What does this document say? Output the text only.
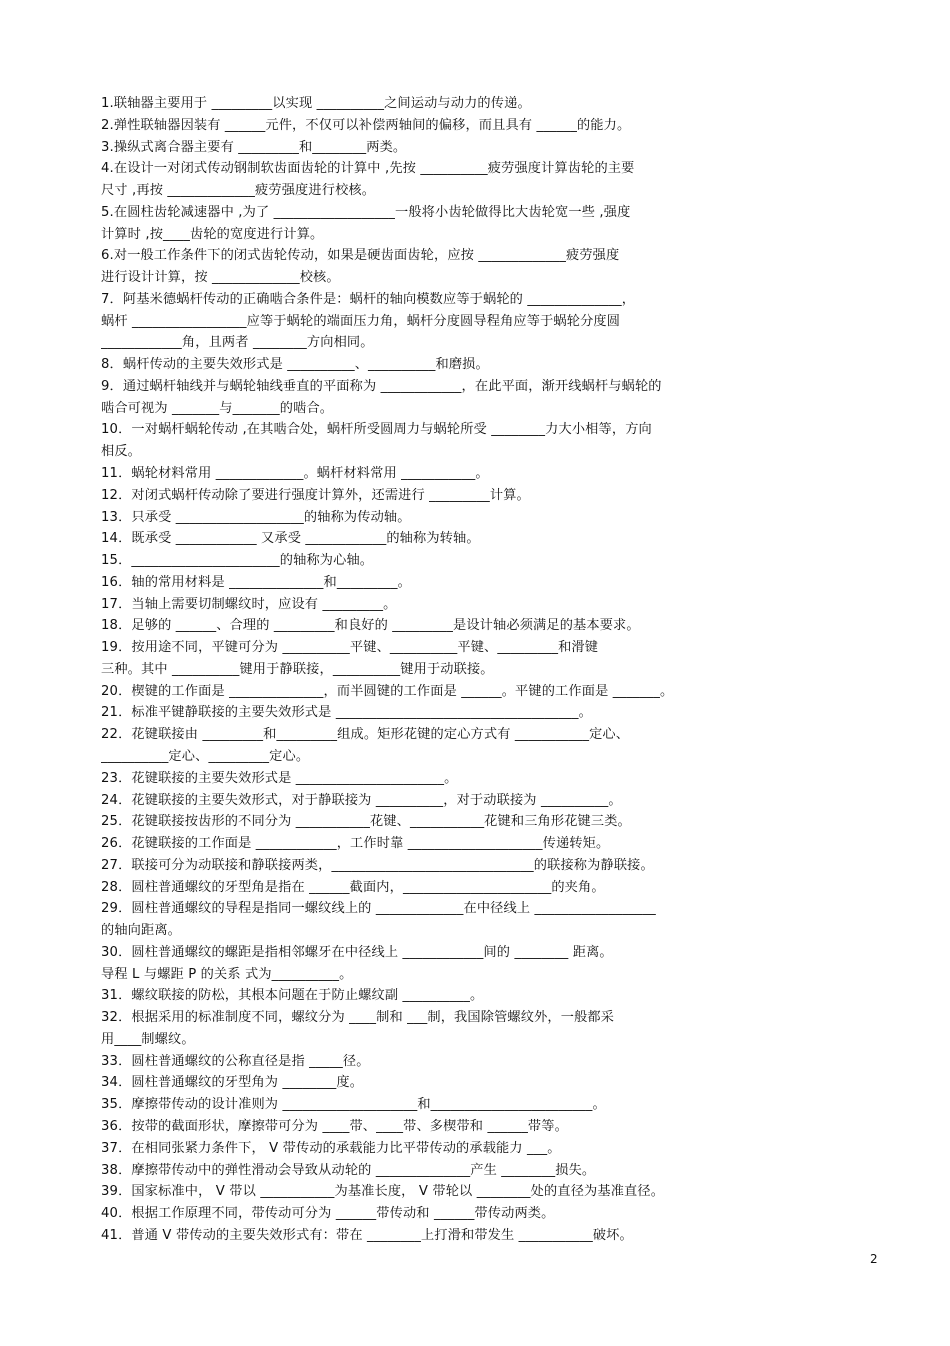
1.联轴器主要用于 _________以实现 __________之间运动与动力的传递。
2.弹性联轴器因装有 ______元件，不仅可以补偿两轴间的偏移，而且具有 ______的能力。
3.操纵式离合器主要有 _________和________两类。
4.在设计一对闭式传动钢制软齿面齿轮的计算中 ,先按 __________疲劳强度计算齿轮的主要
尺寸 ,再按 _____________疲劳强度进行校核。
5.在圆柱齿轮减速器中 ,为了 __________________一般将小齿轮做得比大齿轮宽一些 ,强度
计算时 ,按____齿轮的宽度进行计算。
6.对一般工作条件下的闭式齿轮传动，如果是硬齿面齿轮，应按 _____________疲劳强度
进行设计计算，按 _____________校核。
7．阿基米德蜗杆传动的正确啮合条件是：蜗杆的轴向模数应等于蜗轮的 ______________，
蜗杆 _________________应等于蜗轮的端面压力角，蜗杆分度圆导程角应等于蜗轮分度圆
____________角，且两者 ________方向相同。
8．蜗杆传动的主要失效形式是 __________、__________和磨损。
9．通过蜗杆轴线并与蜗轮轴线垂直的平面称为 ____________，在此平面，渐开线蜗杆与蜗轮的
啮合可视为 _______与_______的啮合。
10．一对蜗杆蜗轮传动 ,在其啮合处，蜗杆所受圆周力与蜗轮所受 ________力大小相等，方向
相反。
11．蜗轮材料常用 _____________。蜗杆材料常用 ___________。
12．对闭式蜗杆传动除了要进行强度计算外，还需进行 _________计算。
13．只承受 ___________________的轴称为传动轴。
14．既承受 ____________ 又承受 ____________的轴称为转轴。
15．______________________的轴称为心轴。
16．轴的常用材料是 ______________和_________。
17．当轴上需要切制螺纹时，应设有 _________。
18．足够的 ______、合理的 _________和良好的 _________是设计轴必须满足的基本要求。
19．按用途不同，平键可分为 __________平键、__________平键、_________和滑键
三种。其中 __________键用于静联接，__________键用于动联接。
20．楔键的工作面是 ______________，而半圆键的工作面是 ______。平键的工作面是 _______。
21．标准平键静联接的主要失效形式是 ____________________________________。
22．花键联接由 _________和_________组成。矩形花键的定心方式有 ___________定心、
__________定心、_________定心。
23．花键联接的主要失效形式是 ______________________。
24．花键联接的主要失效形式，对于静联接为 __________，对于动联接为 __________。
25．花键联接按齿形的不同分为 ___________花键、___________花键和三角形花键三类。
26．花键联接的工作面是 ____________，工作时靠 ____________________传递转矩。
27．联接可分为动联接和静联接两类，______________________________的联接称为静联接。
28．圆柱普通螺纹的牙型角是指在 ______截面内，______________________的夹角。
29．圆柱普通螺纹的导程是指同一螺纹线上的 _____________在中径线上 __________________
的轴向距离。
30．圆柱普通螺纹的螺距是指相邻螺牙在中径线上 ____________间的 ________ 距离。
导程 L 与螺距 P 的关系 式为__________。
31．螺纹联接的防松，其根本问题在于防止螺纹副 __________。
32．根据采用的标准制度不同，螺纹分为 ____制和 ___制，我国除管螺纹外，一般都采
用____制螺纹。
33．圆柱普通螺纹的公称直径是指 _____径。
34．圆柱普通螺纹的牙型角为 ________度。
35．摩擦带传动的设计准则为 ____________________和________________________。
36．按带的截面形状，摩擦带可分为 ____带、____带、多楔带和 ______带等。
37．在相同张紧力条件下， V 带传动的承载能力比平带传动的承载能力 ___。
38．摩擦带传动中的弹性滑动会导致从动轮的 ______________产生 ________损失。
39．国家标准中， V 带以 ___________为基准长度， V 带轮以 ________处的直径为基准直径。
40．根据工作原理不同，带传动可分为 ______带传动和 ______带传动两类。
41．普通 V 带传动的主要失效形式有：带在 ________上打滑和带发生 ___________破坏。
2
